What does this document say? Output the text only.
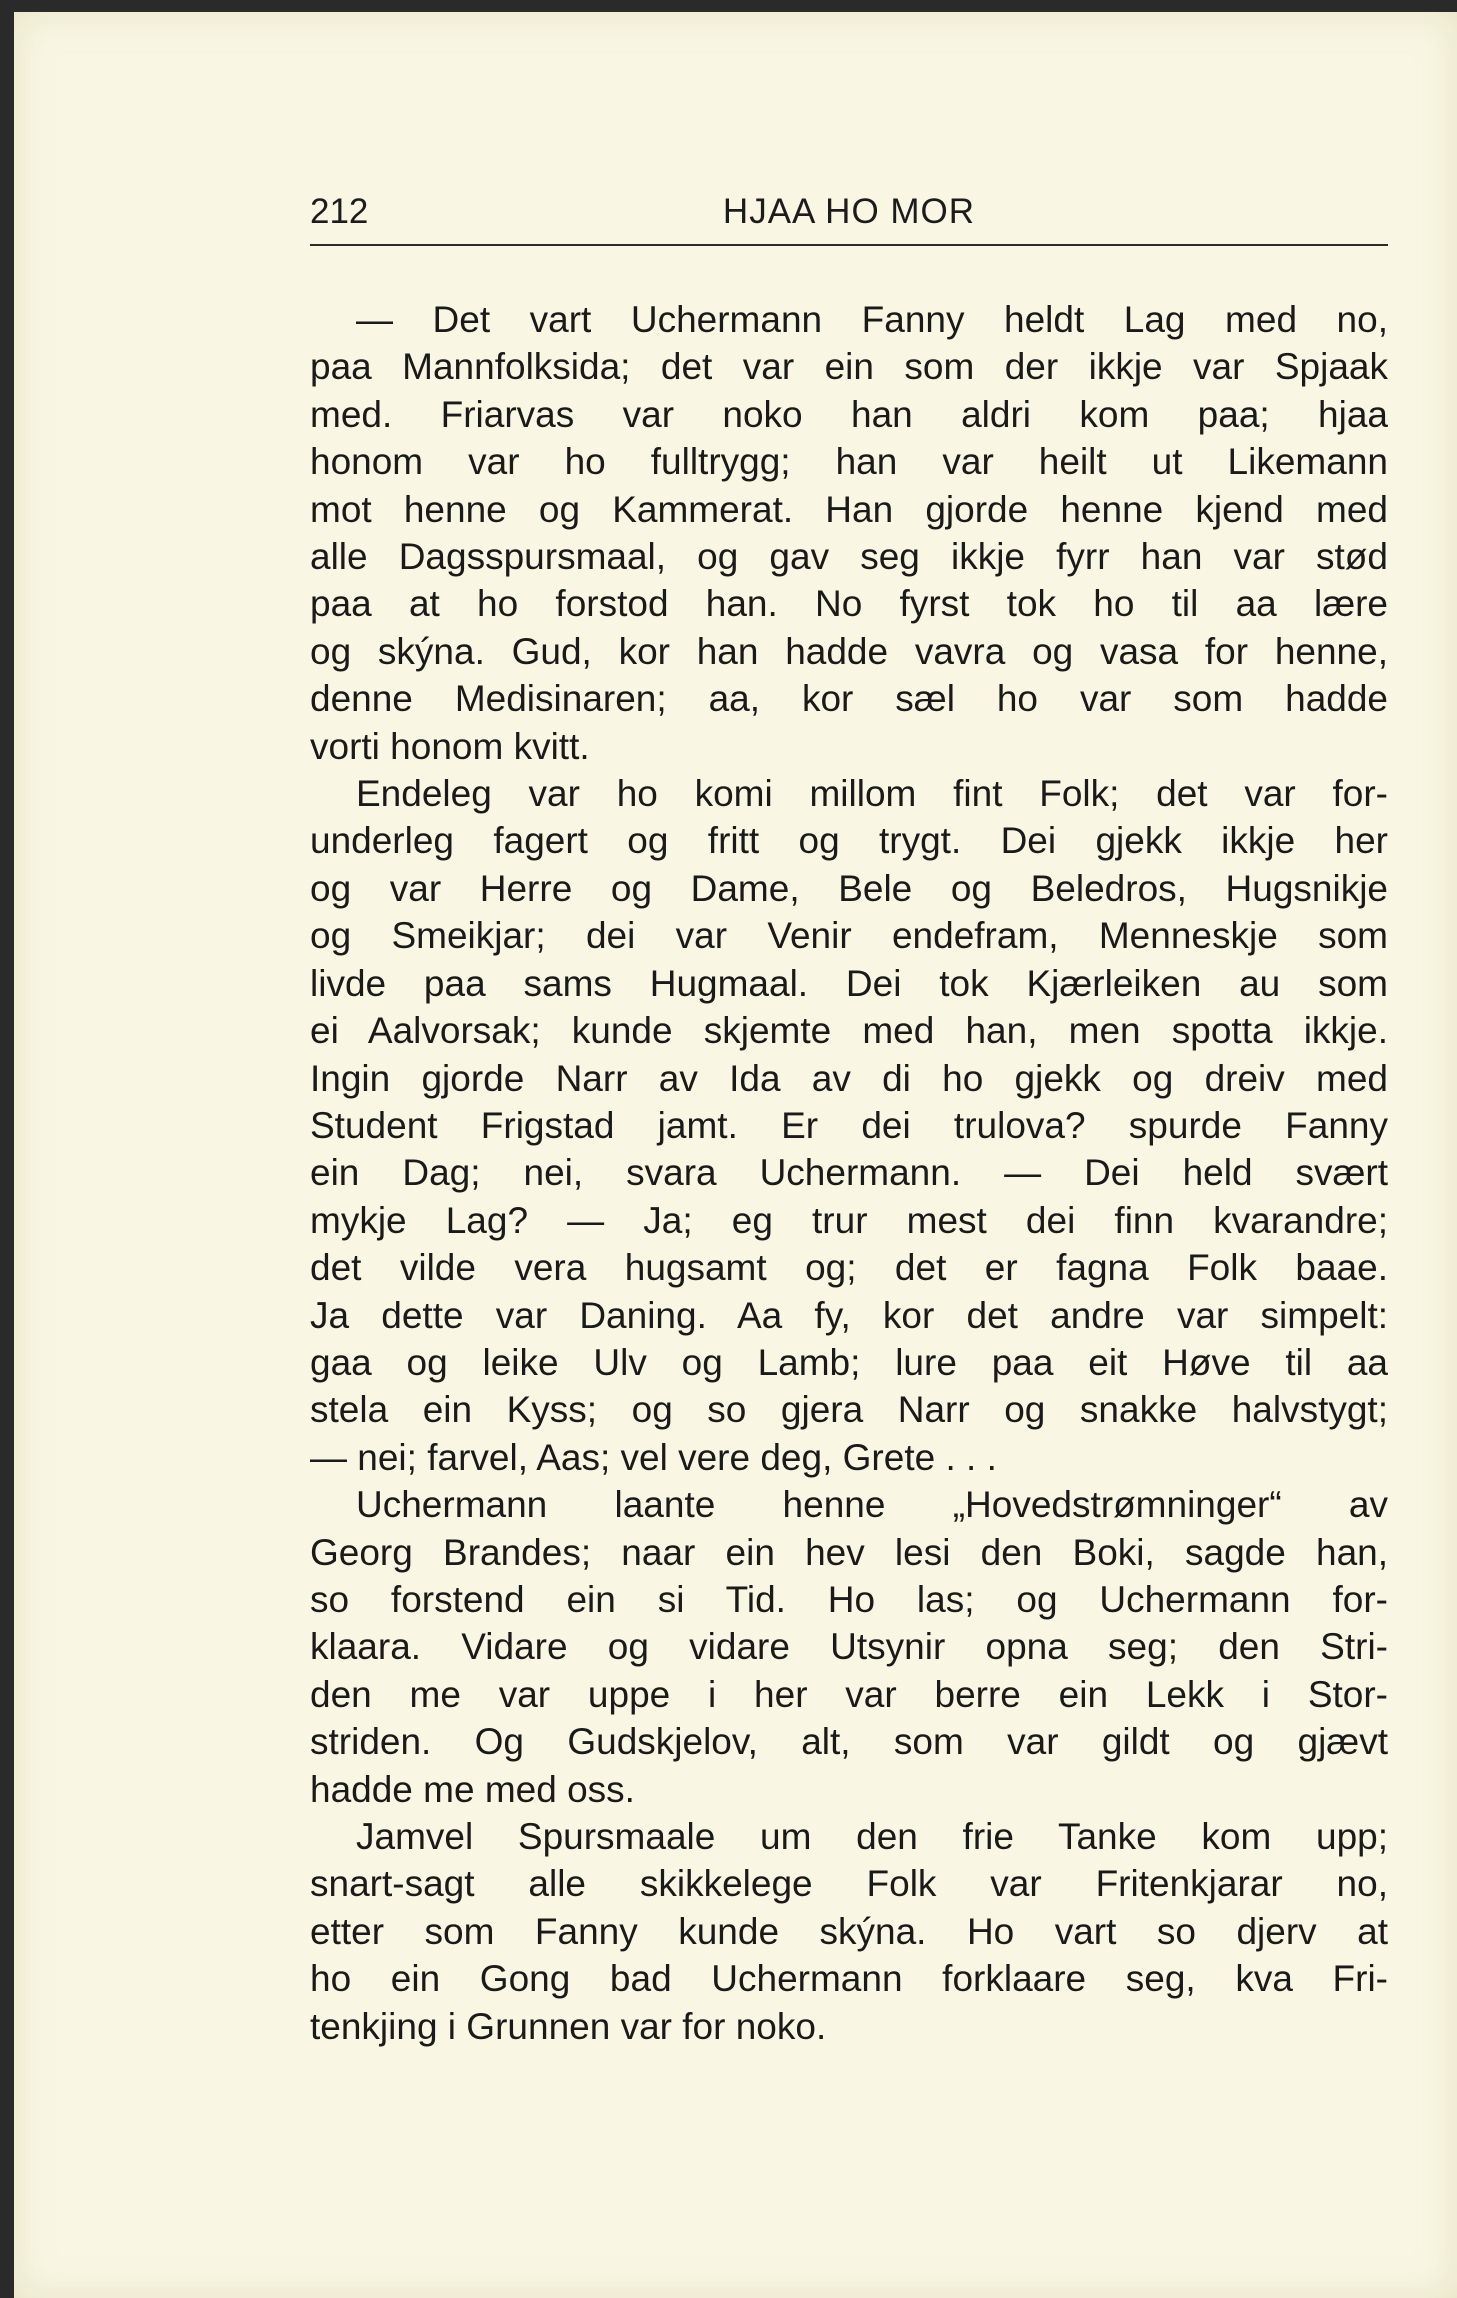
212	HJAA HO MOR

— Det vart Uchermann Fanny heldt Lag med no,
paa Mannfolksida; det var ein som der ikkje var Spjaak
med. Friarvas var noko han aldri kom paa; hjaa
honom var ho fulltrygg; han var heilt ut Likemann
mot henne og Kammerat. Han gjorde henne kjend med
alle Dagsspursmaal, og gav seg ikkje fyrr han var stød
paa at ho forstod han. No fyrst tok ho til aa lære
og skýna. Gud, kor han hadde vavra og vasa for henne,
denne Medisinaren; aa, kor sæl ho var som hadde
vorti honom kvitt.

Endeleg var ho komi millom fint Folk; det var for-
underleg fagert og fritt og trygt. Dei gjekk ikkje her
og var Herre og Dame, Bele og Beledros, Hugsnikje
og Smeikjar; dei var Venir endefram, Menneskje som
livde paa sams Hugmaal. Dei tok Kjærleiken au som
ei Aalvorsak; kunde skjemte med han, men spotta ikkje.
Ingin gjorde Narr av Ida av di ho gjekk og dreiv med
Student Frigstad jamt. Er dei trulova? spurde Fanny
ein Dag; nei, svara Uchermann. — Dei held svært
mykje Lag? — Ja; eg trur mest dei finn kvarandre;
det vilde vera hugsamt og; det er fagna Folk baae.
Ja dette var Daning. Aa fy, kor det andre var simpelt:
gaa og leike Ulv og Lamb; lure paa eit Høve til aa
stela ein Kyss; og so gjera Narr og snakke halvstygt;
— nei; farvel, Aas; vel vere deg, Grete . . .

Uchermann laante henne „Hovedstrømninger“ av
Georg Brandes; naar ein hev lesi den Boki, sagde han,
so forstend ein si Tid. Ho las; og Uchermann for-
klaara. Vidare og vidare Utsynir opna seg; den Stri-
den me var uppe i her var berre ein Lekk i Stor-
striden. Og Gudskjelov, alt, som var gildt og gjævt
hadde me med oss.

Jamvel Spursmaale um den frie Tanke kom upp;
snart-sagt alle skikkelege Folk var Fritenkjarar no,
etter som Fanny kunde skýna. Ho vart so djerv at
ho ein Gong bad Uchermann forklaare seg, kva Fri-
tenkjing i Grunnen var for noko.
